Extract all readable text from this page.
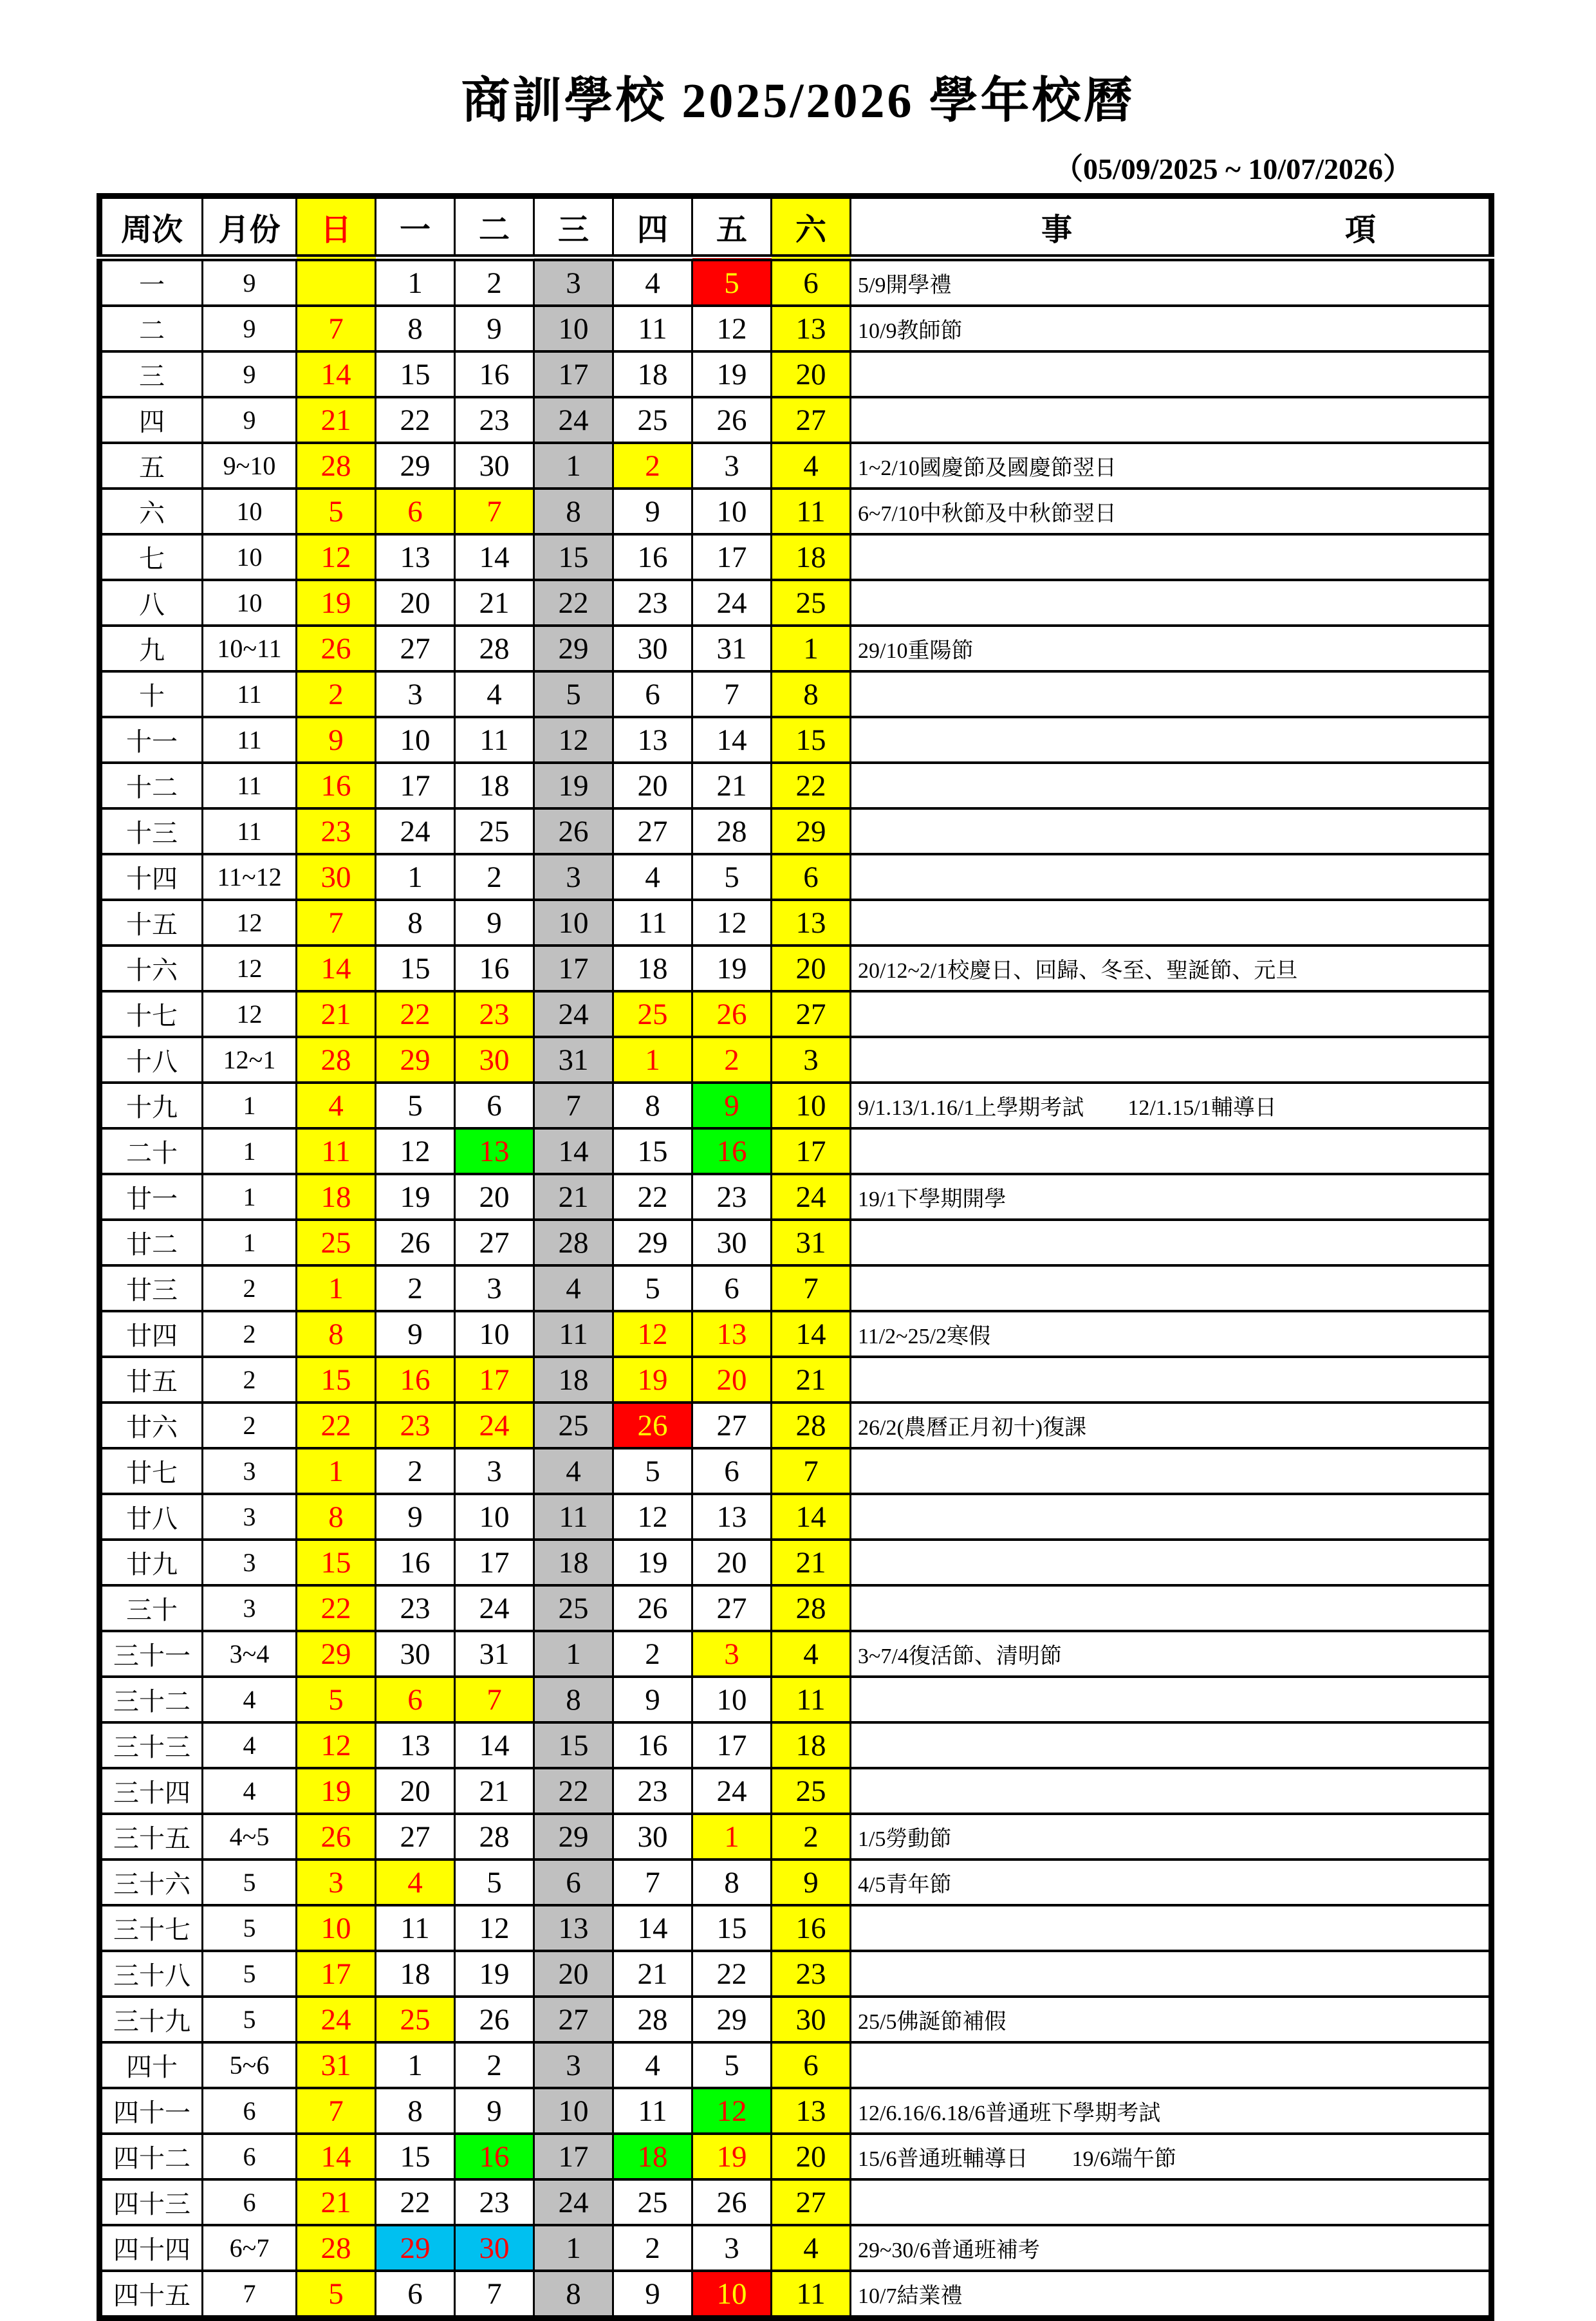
商訓學校 2025/2026 學年校曆
（05/09/2025 ~ 10/07/2026）
周次	月份	日	一	二	三	四	五	六	事 項

一	9		1	2	3	4	5	6	5/9開學禮
二	9	7	8	9	10	11	12	13	10/9教師節
三	9	14	15	16	17	18	19	20	
四	9	21	22	23	24	25	26	27	
五	9~10	28	29	30	1	2	3	4	1~2/10國慶節及國慶節翌日
六	10	5	6	7	8	9	10	11	6~7/10中秋節及中秋節翌日
七	10	12	13	14	15	16	17	18	
八	10	19	20	21	22	23	24	25	
九	10~11	26	27	28	29	30	31	1	29/10重陽節
十	11	2	3	4	5	6	7	8	
十一	11	9	10	11	12	13	14	15	
十二	11	16	17	18	19	20	21	22	
十三	11	23	24	25	26	27	28	29	
十四	11~12	30	1	2	3	4	5	6	
十五	12	7	8	9	10	11	12	13	
十六	12	14	15	16	17	18	19	20	20/12~2/1校慶日、回歸、冬至、聖誕節、元旦
十七	12	21	22	23	24	25	26	27	
十八	12~1	28	29	30	31	1	2	3	
十九	1	4	5	6	7	8	9	10	9/1.13/1.16/1上學期考試　　12/1.15/1輔導日
二十	1	11	12	13	14	15	16	17	
廿一	1	18	19	20	21	22	23	24	19/1下學期開學
廿二	1	25	26	27	28	29	30	31	
廿三	2	1	2	3	4	5	6	7	
廿四	2	8	9	10	11	12	13	14	11/2~25/2寒假
廿五	2	15	16	17	18	19	20	21	
廿六	2	22	23	24	25	26	27	28	26/2(農曆正月初十)復課
廿七	3	1	2	3	4	5	6	7	
廿八	3	8	9	10	11	12	13	14	
廿九	3	15	16	17	18	19	20	21	
三十	3	22	23	24	25	26	27	28	
三十一	3~4	29	30	31	1	2	3	4	3~7/4復活節、清明節
三十二	4	5	6	7	8	9	10	11	
三十三	4	12	13	14	15	16	17	18	
三十四	4	19	20	21	22	23	24	25	
三十五	4~5	26	27	28	29	30	1	2	1/5勞動節
三十六	5	3	4	5	6	7	8	9	4/5青年節
三十七	5	10	11	12	13	14	15	16	
三十八	5	17	18	19	20	21	22	23	
三十九	5	24	25	26	27	28	29	30	25/5佛誕節補假
四十	5~6	31	1	2	3	4	5	6	
四十一	6	7	8	9	10	11	12	13	12/6.16/6.18/6普通班下學期考試
四十二	6	14	15	16	17	18	19	20	15/6普通班輔導日　　19/6端午節
四十三	6	21	22	23	24	25	26	27	
四十四	6~7	28	29	30	1	2	3	4	29~30/6普通班補考
四十五	7	5	6	7	8	9	10	11	10/7結業禮
